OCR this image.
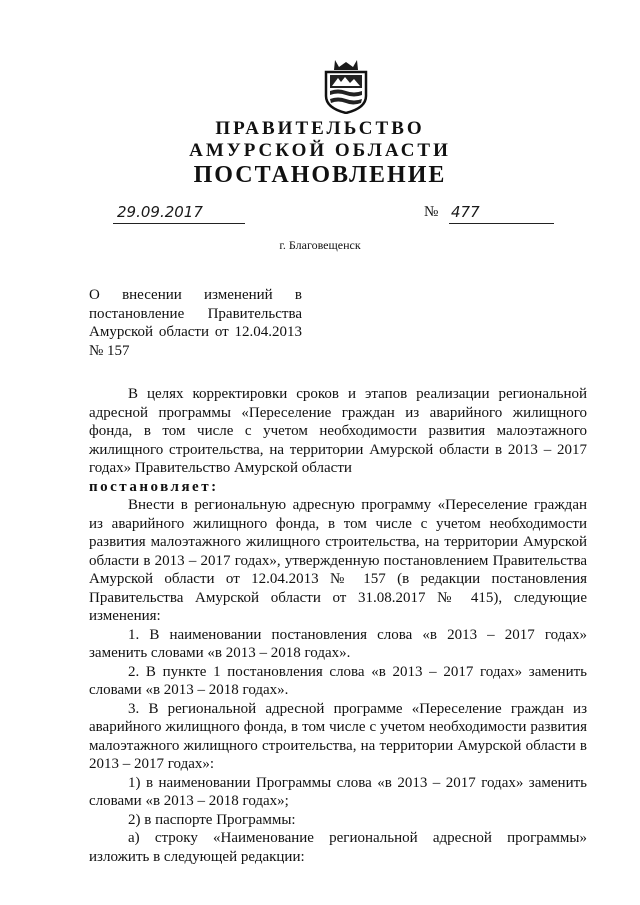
ПРАВИТЕЛЬСТВО
АМУРСКОЙ ОБЛАСТИ
ПОСТАНОВЛЕНИЕ
29.09.2017	№ 477
г. Благовещенск
О внесении изменений в постановление Правительства Амурской области от 12.04.2013 № 157

В целях корректировки сроков и этапов реализации региональной адресной программы «Переселение граждан из аварийного жилищного фонда, в том числе с учетом необходимости развития малоэтажного жилищного строительства, на территории Амурской области в 2013 – 2017 годах» Правительство Амурской области

постановляет:

Внести в региональную адресную программу «Переселение граждан из аварийного жилищного фонда, в том числе с учетом необходимости развития малоэтажного жилищного строительства, на территории Амурской области в 2013 – 2017 годах», утвержденную постановлением Правительства Амурской области от 12.04.2013 № 157 (в редакции постановления Правительства Амурской области от 31.08.2017 № 415), следующие изменения:

1. В наименовании постановления слова «в 2013 – 2017 годах» заменить словами «в 2013 – 2018 годах».

2. В пункте 1 постановления слова «в 2013 – 2017 годах» заменить словами «в 2013 – 2018 годах».

3. В региональной адресной программе «Переселение граждан из аварийного жилищного фонда, в том числе с учетом необходимости развития малоэтажного жилищного строительства, на территории Амурской области в 2013 – 2017 годах»:

1) в наименовании Программы слова «в 2013 – 2017 годах» заменить словами «в 2013 – 2018 годах»;

2) в паспорте Программы:

а) строку «Наименование региональной адресной программы» изложить в следующей редакции:
